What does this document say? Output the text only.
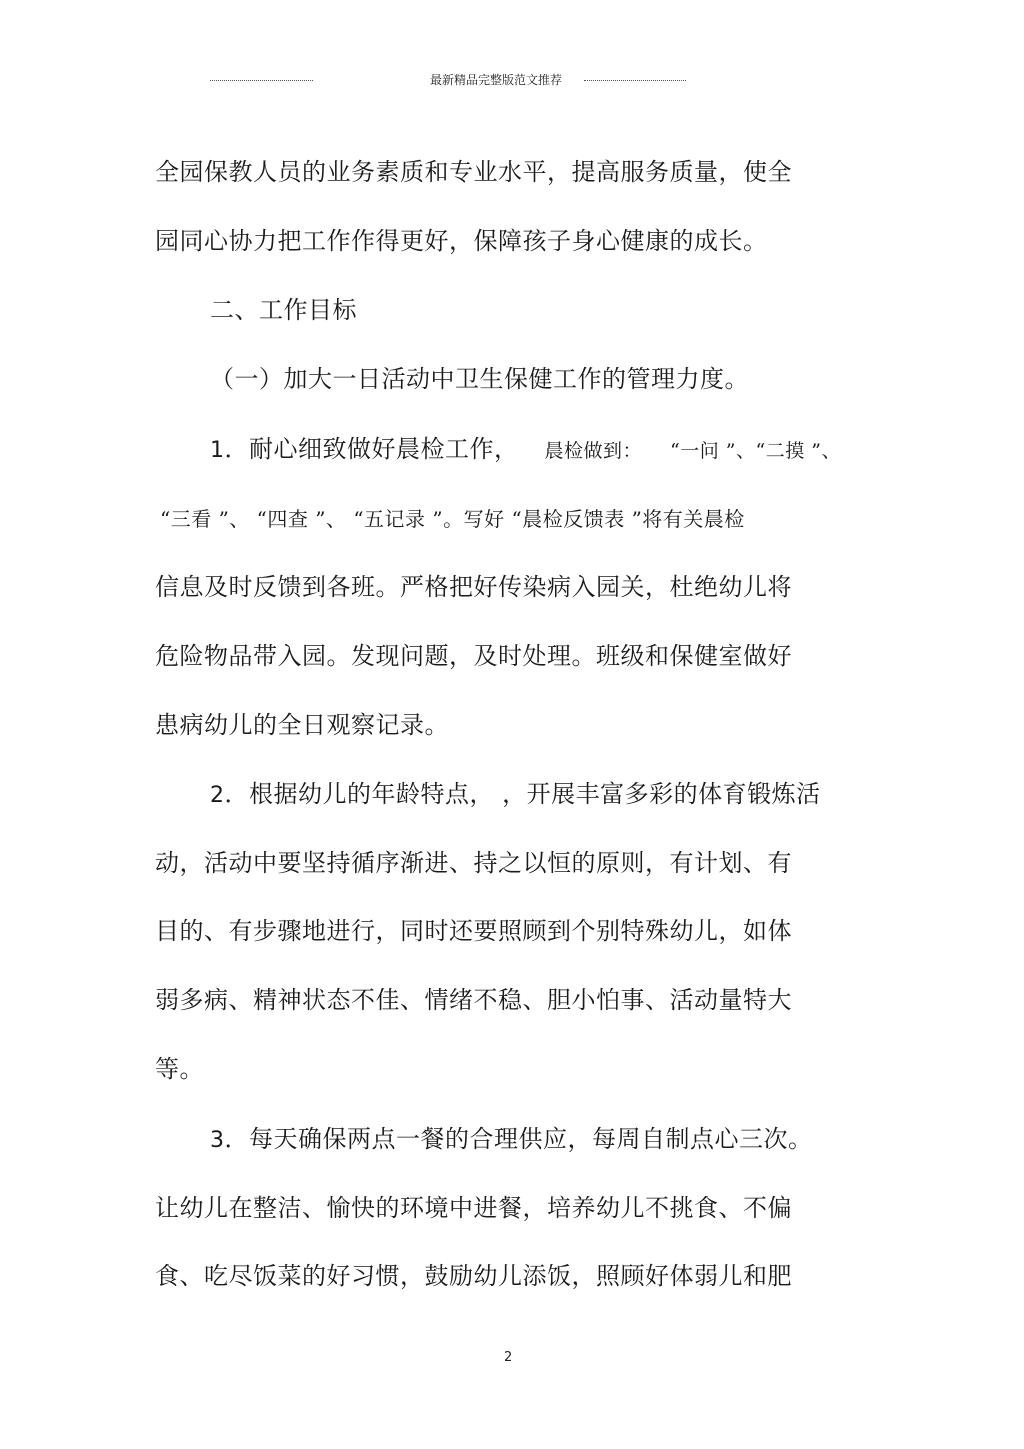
最新精品完整版范文推荐
全园保教人员的业务素质和专业水平，提高服务质量，使全
园同心协力把工作作得更好，保障孩子身心健康的成长。
二、工作目标
（一）加大一日活动中卫生保健工作的管理力度。
1．耐心细致做好晨检工作， 晨检做到： “一问 ”、“二摸 ”、
“三看 ”、 “四查 ”、 “五记录 ”。写好 “晨检反馈表 ”将有关晨检
信息及时反馈到各班。严格把好传染病入园关，杜绝幼儿将
危险物品带入园。发现问题，及时处理。班级和保健室做好
患病幼儿的全日观察记录。
2．根据幼儿的年龄特点， ，开展丰富多彩的体育锻炼活
动，活动中要坚持循序渐进、持之以恒的原则，有计划、有
目的、有步骤地进行，同时还要照顾到个别特殊幼儿，如体
弱多病、精神状态不佳、情绪不稳、胆小怕事、活动量特大
等。
3．每天确保两点一餐的合理供应，每周自制点心三次。
让幼儿在整洁、愉快的环境中进餐，培养幼儿不挑食、不偏
食、吃尽饭菜的好习惯，鼓励幼儿添饭，照顾好体弱儿和肥
2
